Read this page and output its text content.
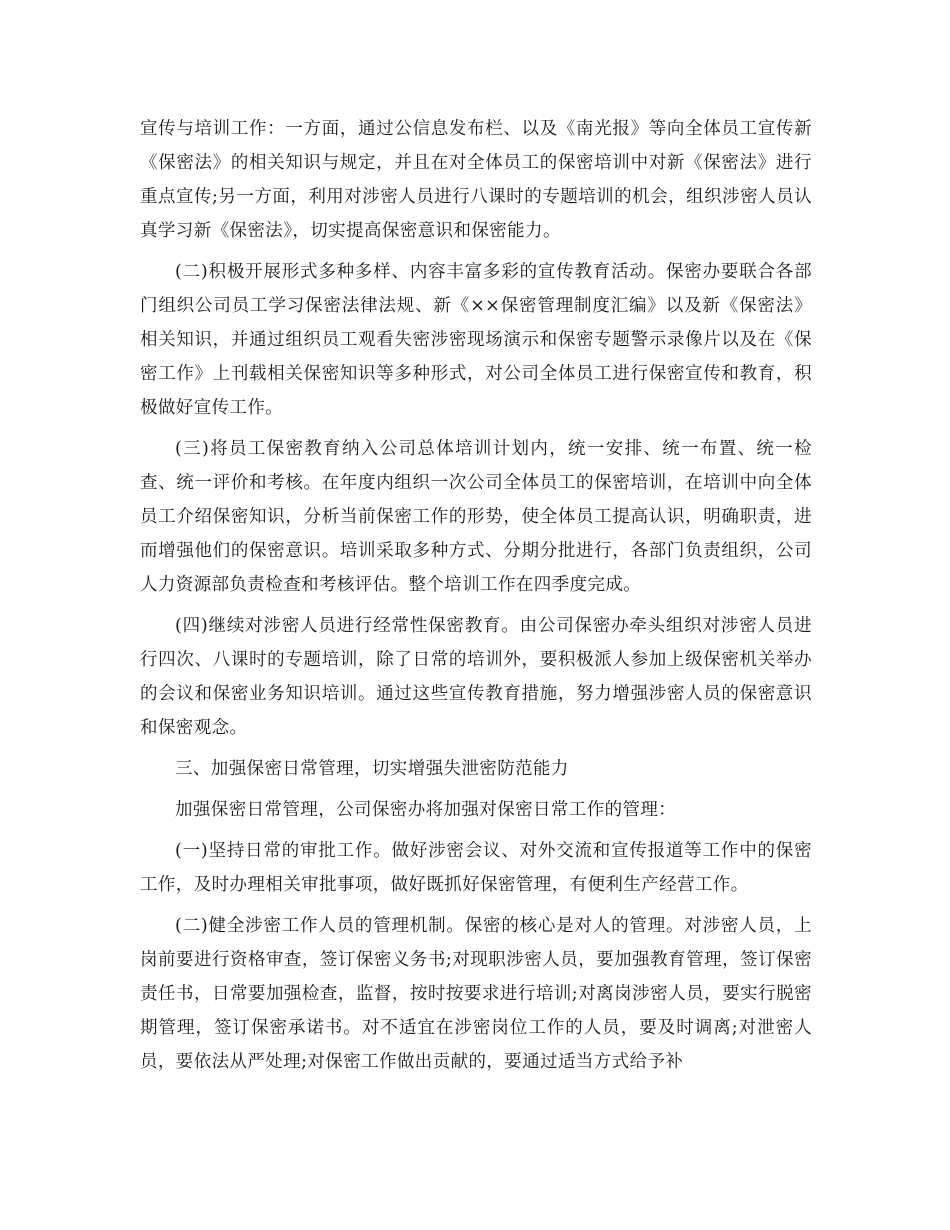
宣传与培训工作：一方面，通过公信息发布栏、以及《南光报》等向全体员工宣传新《保密法》的相关知识与规定，并且在对全体员工的保密培训中对新《保密法》进行重点宣传;另一方面，利用对涉密人员进行八课时的专题培训的机会，组织涉密人员认真学习新《保密法》，切实提高保密意识和保密能力。

(二)积极开展形式多种多样、内容丰富多彩的宣传教育活动。保密办要联合各部门组织公司员工学习保密法律法规、新《××保密管理制度汇编》以及新《保密法》相关知识，并通过组织员工观看失密涉密现场演示和保密专题警示录像片以及在《保密工作》上刊载相关保密知识等多种形式，对公司全体员工进行保密宣传和教育，积极做好宣传工作。

(三)将员工保密教育纳入公司总体培训计划内，统一安排、统一布置、统一检查、统一评价和考核。在年度内组织一次公司全体员工的保密培训，在培训中向全体员工介绍保密知识，分析当前保密工作的形势，使全体员工提高认识，明确职责，进而增强他们的保密意识。培训采取多种方式、分期分批进行，各部门负责组织，公司人力资源部负责检查和考核评估。整个培训工作在四季度完成。

(四)继续对涉密人员进行经常性保密教育。由公司保密办牵头组织对涉密人员进行四次、八课时的专题培训，除了日常的培训外，要积极派人参加上级保密机关举办的会议和保密业务知识培训。通过这些宣传教育措施，努力增强涉密人员的保密意识和保密观念。

三、加强保密日常管理，切实增强失泄密防范能力

加强保密日常管理，公司保密办将加强对保密日常工作的管理：

(一)坚持日常的审批工作。做好涉密会议、对外交流和宣传报道等工作中的保密工作，及时办理相关审批事项，做好既抓好保密管理，有便利生产经营工作。

(二)健全涉密工作人员的管理机制。保密的核心是对人的管理。对涉密人员，上岗前要进行资格审查，签订保密义务书;对现职涉密人员，要加强教育管理，签订保密责任书，日常要加强检查，监督，按时按要求进行培训;对离岗涉密人员，要实行脱密期管理，签订保密承诺书。对不适宜在涉密岗位工作的人员，要及时调离;对泄密人员，要依法从严处理;对保密工作做出贡献的，要通过适当方式给予补
